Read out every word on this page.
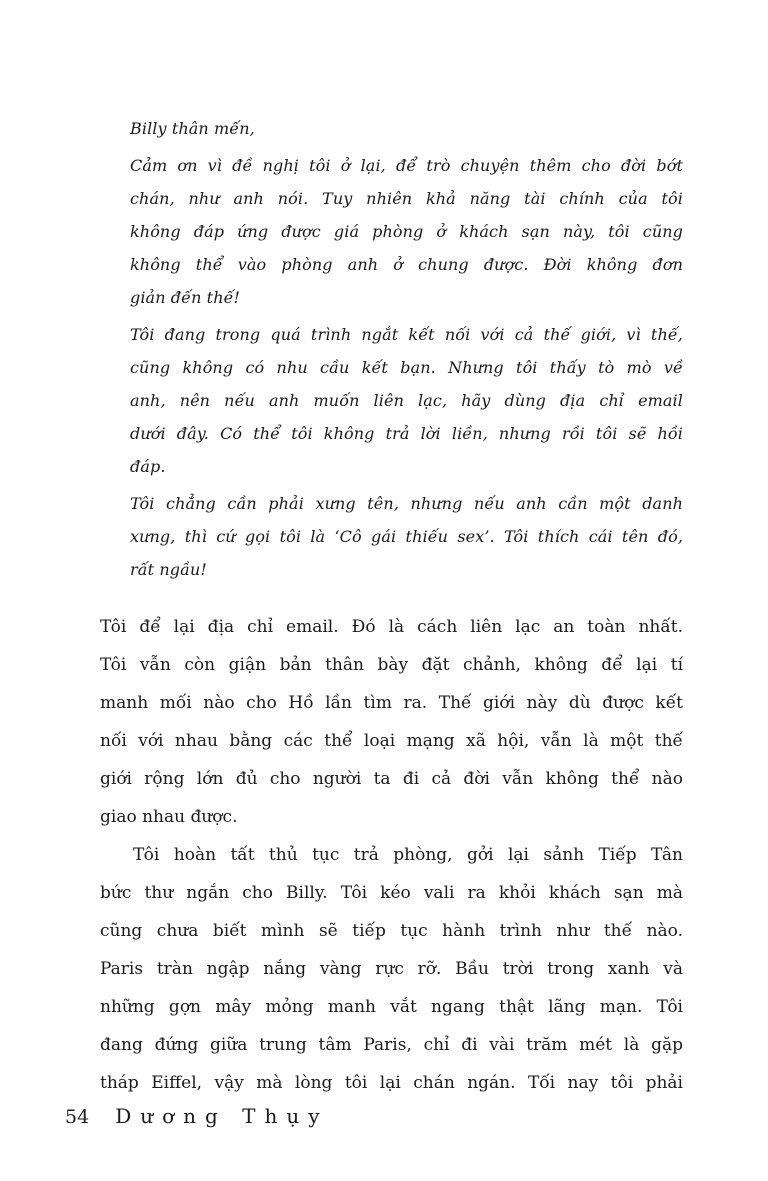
Billy thân mến,
Cảm ơn vì đề nghị tôi ở lại, để trò chuyện thêm cho đời bớt
chán, như anh nói. Tuy nhiên khả năng tài chính của tôi
không đáp ứng được giá phòng ở khách sạn này, tôi cũng
không thể vào phòng anh ở chung được. Đời không đơn
giản đến thế!
Tôi đang trong quá trình ngắt kết nối với cả thế giới, vì thế,
cũng không có nhu cầu kết bạn. Nhưng tôi thấy tò mò về
anh, nên nếu anh muốn liên lạc, hãy dùng địa chỉ email
dưới đây. Có thể tôi không trả lời liền, nhưng rồi tôi sẽ hồi
đáp.
Tôi chẳng cần phải xưng tên, nhưng nếu anh cần một danh
xưng, thì cứ gọi tôi là ‘Cô gái thiếu sex’. Tôi thích cái tên đó,
rất ngầu!
Tôi để lại địa chỉ email. Đó là cách liên lạc an toàn nhất.
Tôi vẫn còn giận bản thân bày đặt chảnh, không để lại tí
manh mối nào cho Hồ lần tìm ra. Thế giới này dù được kết
nối với nhau bằng các thể loại mạng xã hội, vẫn là một thế
giới rộng lớn đủ cho người ta đi cả đời vẫn không thể nào
giao nhau được.
Tôi hoàn tất thủ tục trả phòng, gởi lại sảnh Tiếp Tân
bức thư ngắn cho Billy. Tôi kéo vali ra khỏi khách sạn mà
cũng chưa biết mình sẽ tiếp tục hành trình như thế nào.
Paris tràn ngập nắng vàng rực rỡ. Bầu trời trong xanh và
những gợn mây mỏng manh vắt ngang thật lãng mạn. Tôi
đang đứng giữa trung tâm Paris, chỉ đi vài trăm mét là gặp
tháp Eiffel, vậy mà lòng tôi lại chán ngán. Tối nay tôi phải
54 Dương Thụy
